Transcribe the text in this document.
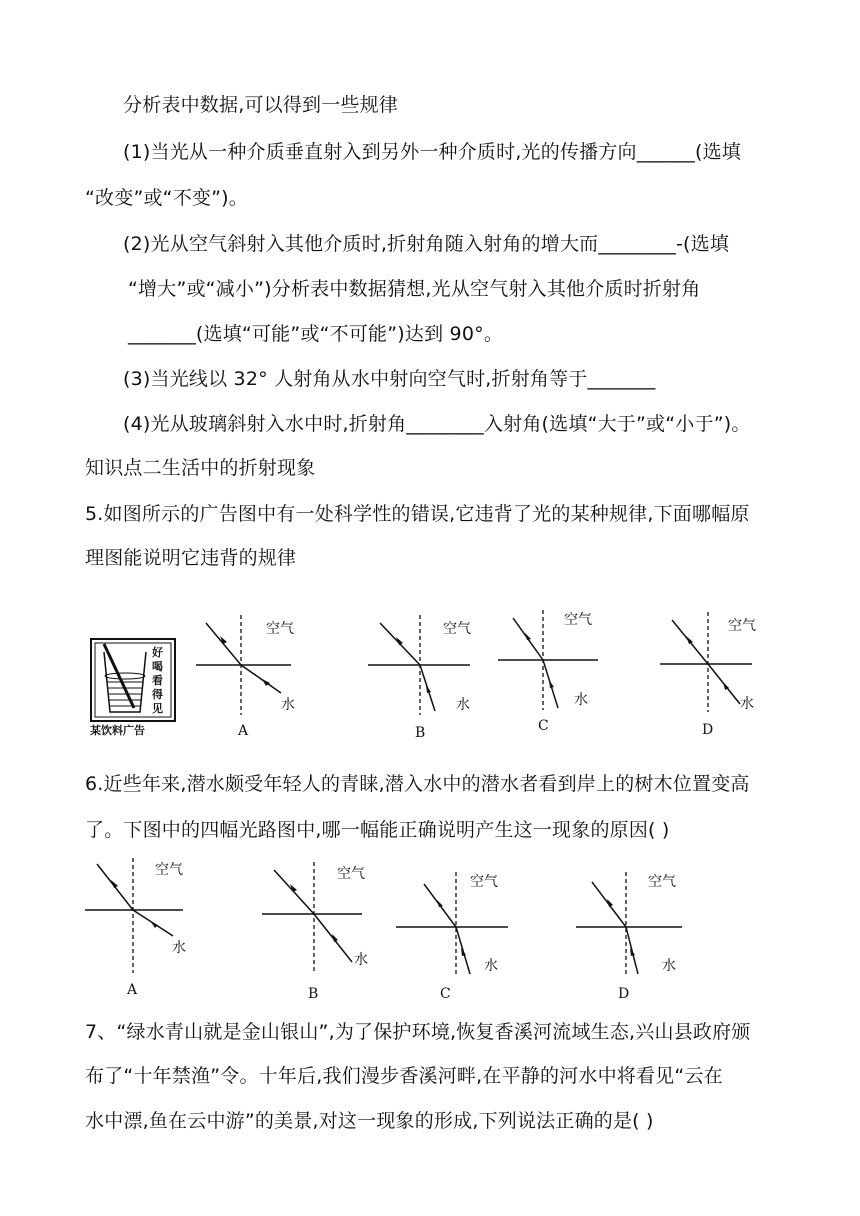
分析表中数据,可以得到一些规律
(1)当光从一种介质垂直射入到另外一种介质时,光的传播方向______(选填
“改变”或“不变”)。
(2)光从空气斜射入其他介质时,折射角随入射角的增大而________-(选填
“增大”或“减小”)分析表中数据猜想,光从空气射入其他介质时折射角
_______(选填“可能”或“不可能”)达到 90°。
(3)当光线以 32° 人射角从水中射向空气时,折射角等于_______
(4)光从玻璃斜射入水中时,折射角________入射角(选填“大于”或“小于”)。
知识点二生活中的折射现象
5.如图所示的广告图中有一处科学性的错误,它违背了光的某种规律,下面哪幅原
理图能说明它违背的规律
6.近些年来,潜水颇受年轻人的青睐,潜入水中的潜水者看到岸上的树木位置变高
了。下图中的四幅光路图中,哪一幅能正确说明产生这一现象的原因( )
7、“绿水青山就是金山银山”,为了保护环境,恢复香溪河流域生态,兴山县政府颁
布了“十年禁渔”令。十年后,我们漫步香溪河畔,在平静的河水中将看见“云在
水中漂,鱼在云中游”的美景,对这一现象的形成,下列说法正确的是( )
好喝看得见
某饮料广告
空气
水
A
空气
水
B
空气
水
C
空气
水
D
空气
水
A
空气
水
B
空气
水
C
空气
水
D
